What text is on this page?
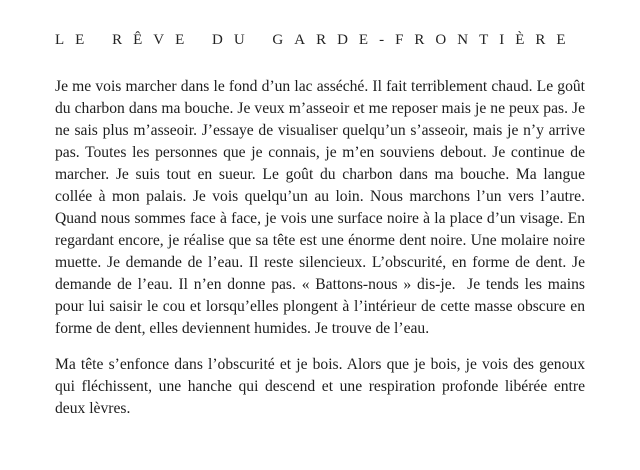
LE RÊVE DU GARDE-FRONTIÈRE

Je me vois marcher dans le fond d’un lac asséché. Il fait terriblement chaud. Le goût du charbon dans ma bouche. Je veux m’asseoir et me reposer mais je ne peux pas. Je ne sais plus m’asseoir. J’essaye de visualiser quelqu’un s’asseoir, mais je n’y arrive pas. Toutes les personnes que je connais, je m’en souviens debout. Je continue de marcher. Je suis tout en sueur. Le goût du charbon dans ma bouche. Ma langue collée à mon palais. Je vois quelqu’un au loin. Nous marchons l’un vers l’autre. Quand nous sommes face à face, je vois une surface noire à la place d’un visage. En regardant encore, je réalise que sa tête est une énorme dent noire. Une molaire noire muette. Je demande de l’eau. Il reste silencieux. L’obscurité, en forme de dent. Je demande de l’eau. Il n’en donne pas. « Battons-nous » dis-je.  Je tends les mains pour lui saisir le cou et lorsqu’elles plongent à l’intérieur de cette masse obscure en forme de dent, elles deviennent humides. Je trouve de l’eau.

Ma tête s’enfonce dans l’obscurité et je bois. Alors que je bois, je vois des genoux qui fléchissent, une hanche qui descend et une respiration profonde libérée entre deux lèvres.
